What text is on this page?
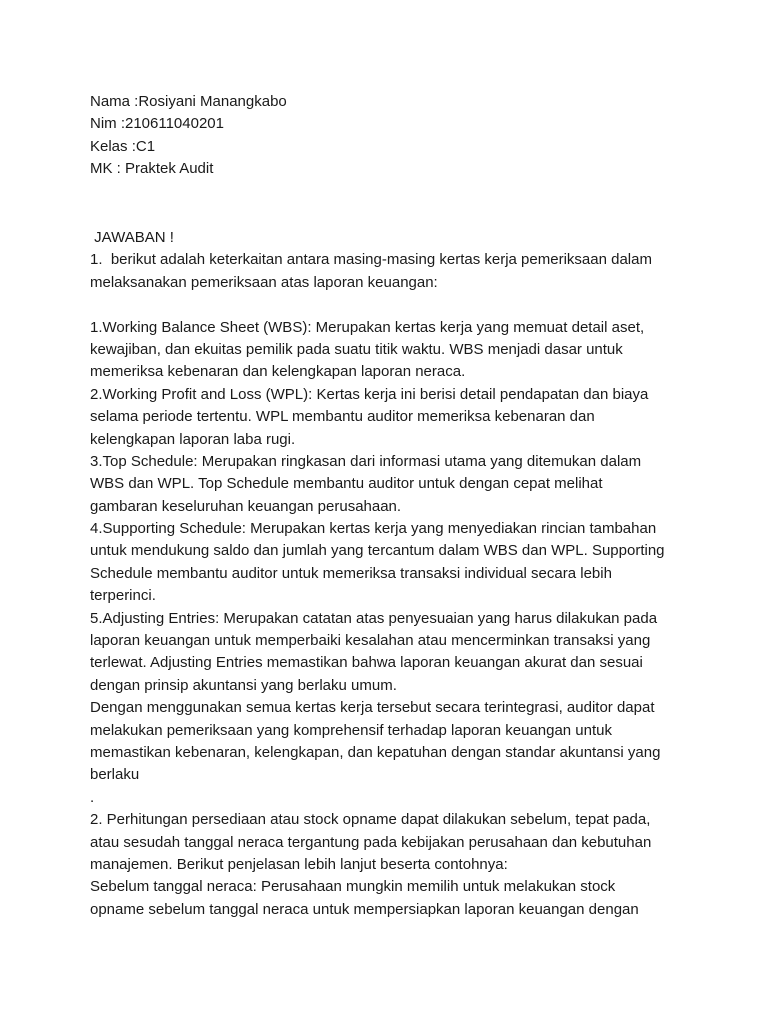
Nama :Rosiyani Manangkabo
Nim :210611040201
Kelas :C1
MK : Praktek Audit
JAWABAN !
1.  berikut adalah keterkaitan antara masing-masing kertas kerja pemeriksaan dalam
melaksanakan pemeriksaan atas laporan keuangan:
1.Working Balance Sheet (WBS): Merupakan kertas kerja yang memuat detail aset,
kewajiban, dan ekuitas pemilik pada suatu titik waktu. WBS menjadi dasar untuk
memeriksa kebenaran dan kelengkapan laporan neraca.
2.Working Profit and Loss (WPL): Kertas kerja ini berisi detail pendapatan dan biaya
selama periode tertentu. WPL membantu auditor memeriksa kebenaran dan
kelengkapan laporan laba rugi.
3.Top Schedule: Merupakan ringkasan dari informasi utama yang ditemukan dalam
WBS dan WPL. Top Schedule membantu auditor untuk dengan cepat melihat
gambaran keseluruhan keuangan perusahaan.
4.Supporting Schedule: Merupakan kertas kerja yang menyediakan rincian tambahan
untuk mendukung saldo dan jumlah yang tercantum dalam WBS dan WPL. Supporting
Schedule membantu auditor untuk memeriksa transaksi individual secara lebih
terperinci.
5.Adjusting Entries: Merupakan catatan atas penyesuaian yang harus dilakukan pada
laporan keuangan untuk memperbaiki kesalahan atau mencerminkan transaksi yang
terlewat. Adjusting Entries memastikan bahwa laporan keuangan akurat dan sesuai
dengan prinsip akuntansi yang berlaku umum.
Dengan menggunakan semua kertas kerja tersebut secara terintegrasi, auditor dapat
melakukan pemeriksaan yang komprehensif terhadap laporan keuangan untuk
memastikan kebenaran, kelengkapan, dan kepatuhan dengan standar akuntansi yang
berlaku
.
2. Perhitungan persediaan atau stock opname dapat dilakukan sebelum, tepat pada,
atau sesudah tanggal neraca tergantung pada kebijakan perusahaan dan kebutuhan
manajemen. Berikut penjelasan lebih lanjut beserta contohnya:
Sebelum tanggal neraca: Perusahaan mungkin memilih untuk melakukan stock
opname sebelum tanggal neraca untuk mempersiapkan laporan keuangan dengan
